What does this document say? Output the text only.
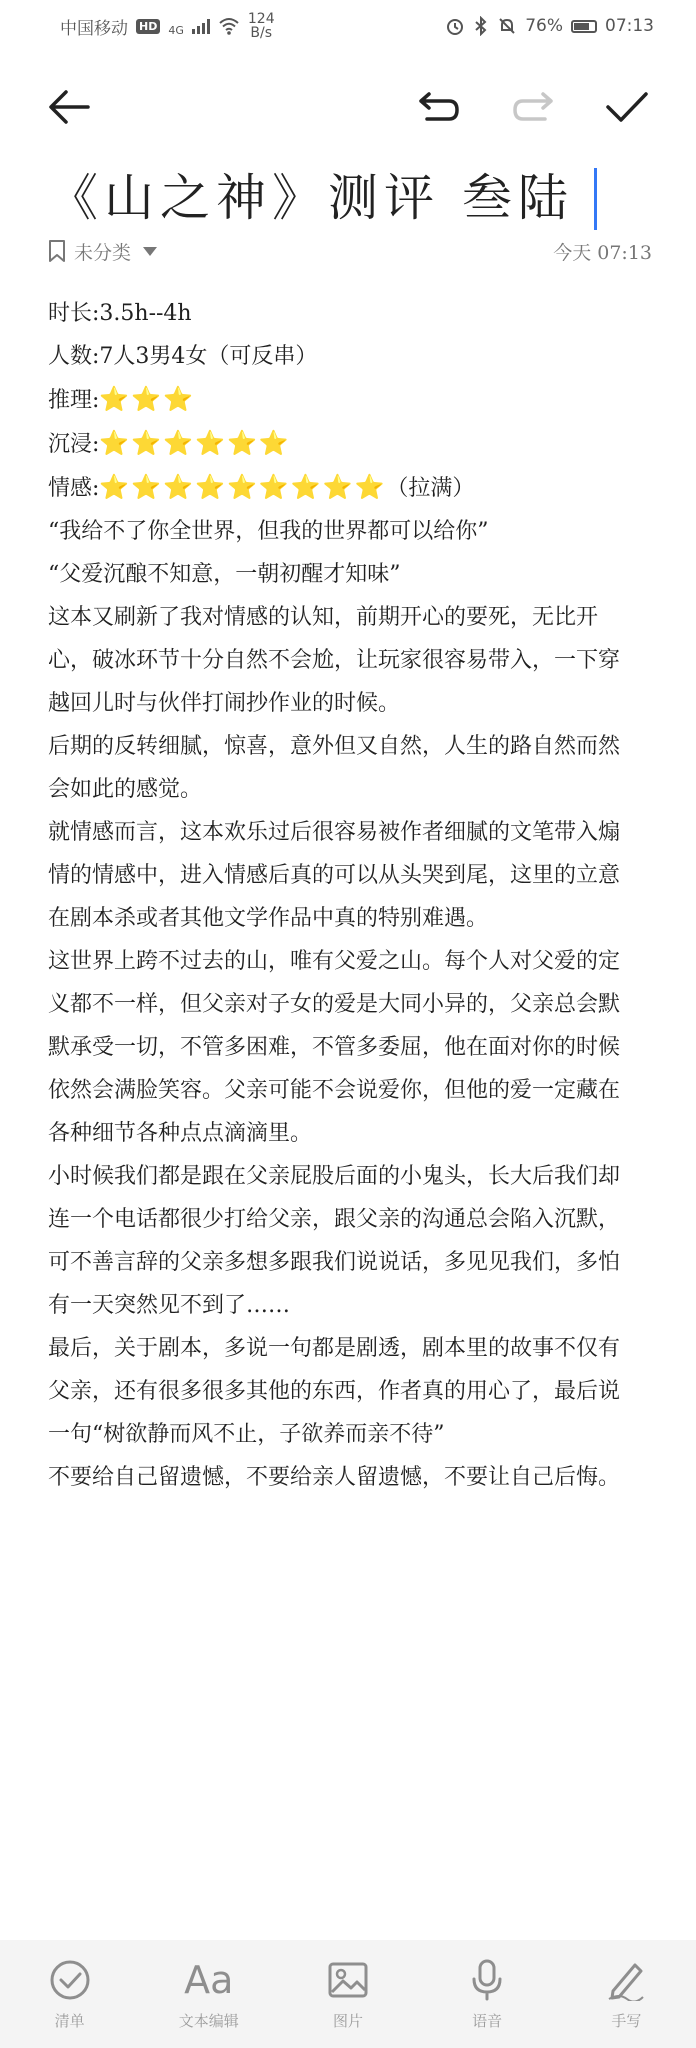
中国移动 HD 4G
124
B/s	76% 07:13
《山之神》测评 叁陆
未分类	今天 07:13

时长:3.5h--4h

人数:7人3男4女（可反串）

推理:⭐⭐⭐

沉浸:⭐⭐⭐⭐⭐⭐

情感:⭐⭐⭐⭐⭐⭐⭐⭐⭐（拉满）

“我给不了你全世界，但我的世界都可以给你”

“父爱沉酿不知意，一朝初醒才知味”

这本又刷新了我对情感的认知，前期开心的要死，无比开心，破冰环节十分自然不会尬，让玩家很容易带入，一下穿越回儿时与伙伴打闹抄作业的时候。

后期的反转细腻，惊喜，意外但又自然，人生的路自然而然会如此的感觉。

就情感而言，这本欢乐过后很容易被作者细腻的文笔带入煽情的情感中，进入情感后真的可以从头哭到尾，这里的立意在剧本杀或者其他文学作品中真的特别难遇。

这世界上跨不过去的山，唯有父爱之山。每个人对父爱的定义都不一样，但父亲对子女的爱是大同小异的，父亲总会默默承受一切，不管多困难，不管多委屈，他在面对你的时候依然会满脸笑容。父亲可能不会说爱你，但他的爱一定藏在各种细节各种点点滴滴里。

小时候我们都是跟在父亲屁股后面的小鬼头，长大后我们却连一个电话都很少打给父亲，跟父亲的沟通总会陷入沉默，可不善言辞的父亲多想多跟我们说说话，多见见我们，多怕有一天突然见不到了……

最后，关于剧本，多说一句都是剧透，剧本里的故事不仅有父亲，还有很多很多其他的东西，作者真的用心了，最后说一句“树欲静而风不止，子欲养而亲不待”

不要给自己留遗憾，不要给亲人留遗憾，不要让自己后悔。

清单
Aa
文本编辑	图片	语音	手写
